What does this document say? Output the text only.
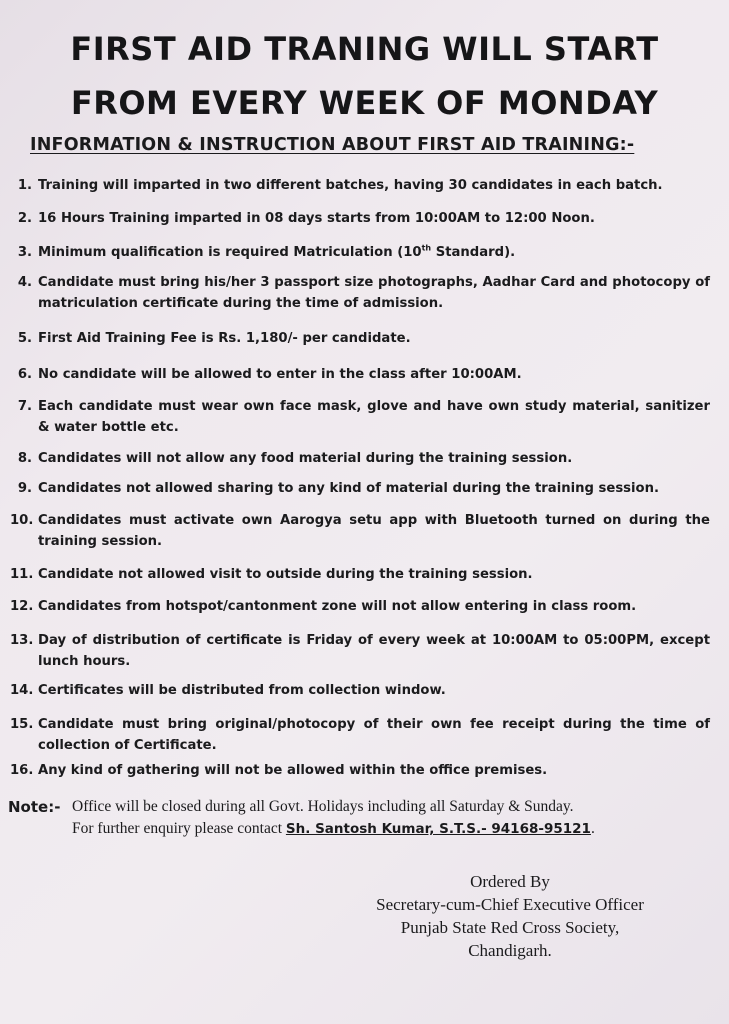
FIRST AID TRANING WILL START
FROM EVERY WEEK OF MONDAY
INFORMATION & INSTRUCTION ABOUT FIRST AID TRAINING:-
1. Training will imparted in two different batches, having 30 candidates in each batch.
2. 16 Hours Training imparted in 08 days starts from 10:00AM to 12:00 Noon.
3. Minimum qualification is required Matriculation (10th Standard).
4. Candidate must bring his/her 3 passport size photographs, Aadhar Card and photocopy of matriculation certificate during the time of admission.
5. First Aid Training Fee is Rs. 1,180/- per candidate.
6. No candidate will be allowed to enter in the class after 10:00AM.
7. Each candidate must wear own face mask, glove and have own study material, sanitizer & water bottle etc.
8. Candidates will not allow any food material during the training session.
9. Candidates not allowed sharing to any kind of material during the training session.
10. Candidates must activate own Aarogya setu app with Bluetooth turned on during the training session.
11. Candidate not allowed visit to outside during the training session.
12. Candidates from hotspot/cantonment zone will not allow entering in class room.
13. Day of distribution of certificate is Friday of every week at 10:00AM to 05:00PM, except lunch hours.
14. Certificates will be distributed from collection window.
15. Candidate must bring original/photocopy of their own fee receipt during the time of collection of Certificate.
16. Any kind of gathering will not be allowed within the office premises.
Note:- Office will be closed during all Govt. Holidays including all Saturday & Sunday.
For further enquiry please contact Sh. Santosh Kumar, S.T.S.- 94168-95121.
Ordered By
Secretary-cum-Chief Executive Officer
Punjab State Red Cross Society,
Chandigarh.
